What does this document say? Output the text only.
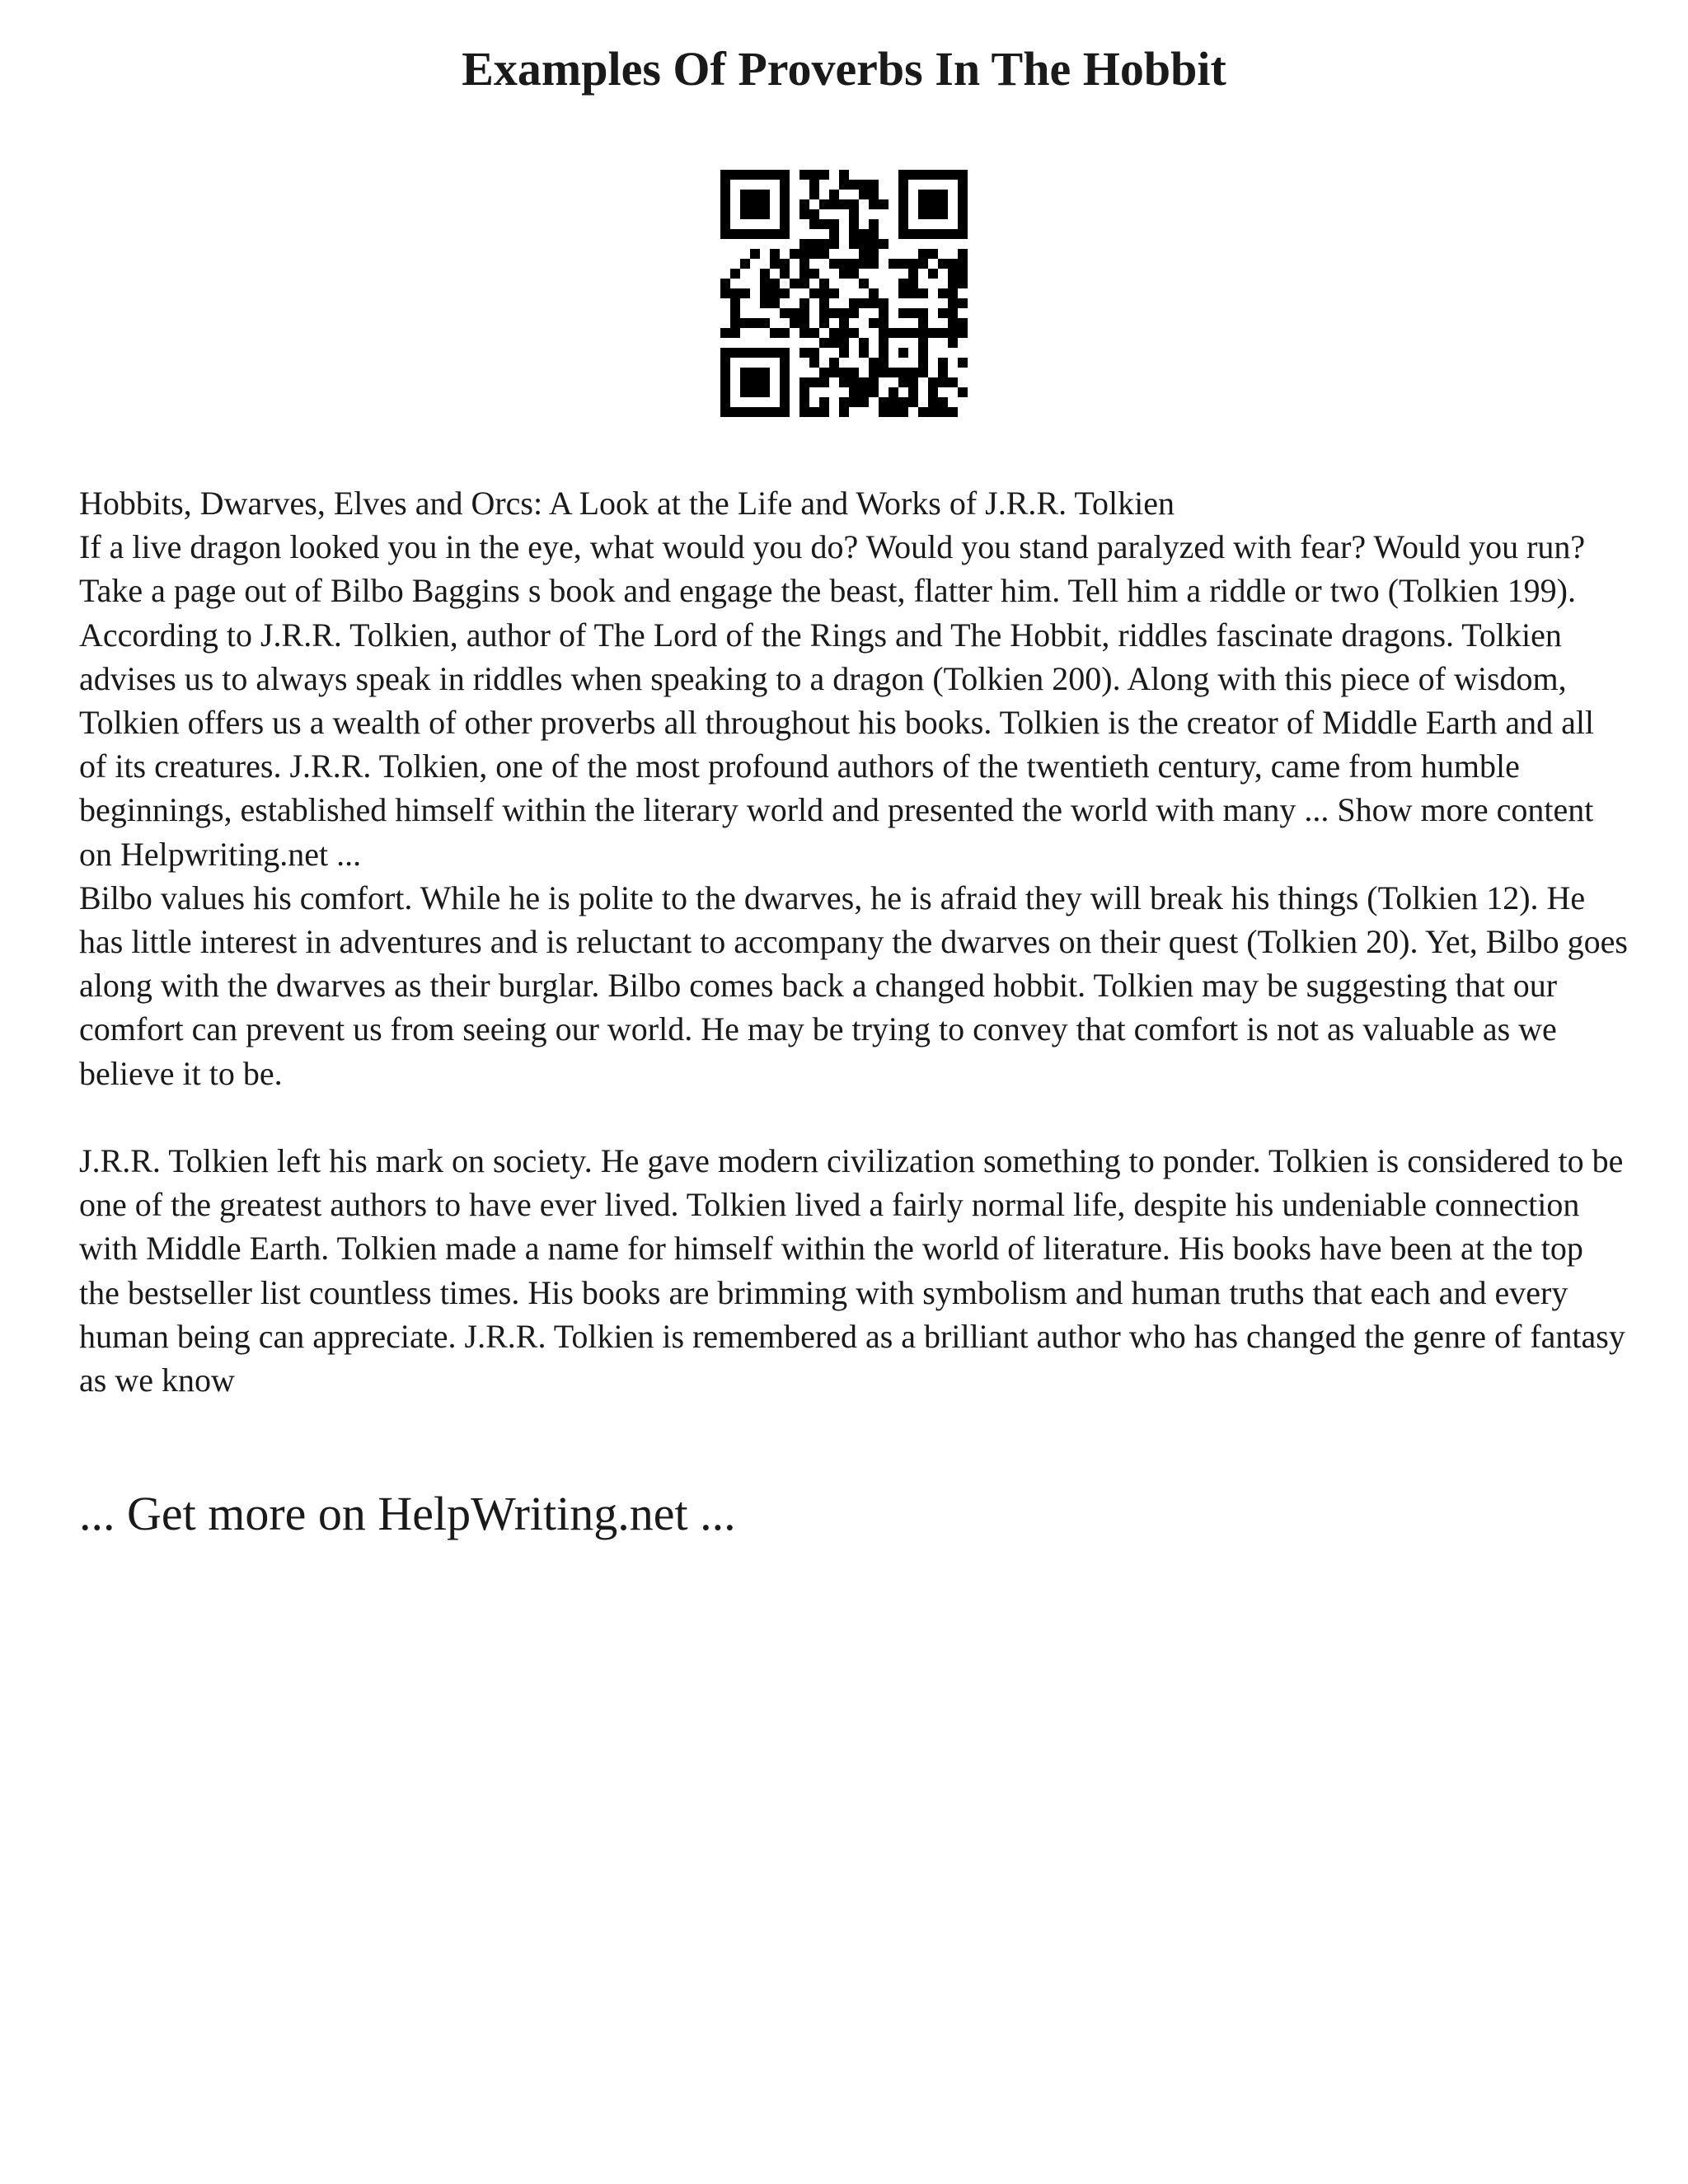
Examples Of Proverbs In The Hobbit

Hobbits, Dwarves, Elves and Orcs: A Look at the Life and Works of J.R.R. Tolkien

If a live dragon looked you in the eye, what would you do? Would you stand paralyzed with fear? Would you run? Take a page out of Bilbo Baggins s book and engage the beast, flatter him. Tell him a riddle or two (Tolkien 199). According to J.R.R. Tolkien, author of The Lord of the Rings and The Hobbit, riddles fascinate dragons. Tolkien advises us to always speak in riddles when speaking to a dragon (Tolkien 200). Along with this piece of wisdom, Tolkien offers us a wealth of other proverbs all throughout his books. Tolkien is the creator of Middle Earth and all of its creatures. J.R.R. Tolkien, one of the most profound authors of the twentieth century, came from humble beginnings, established himself within the literary world and presented the world with many ... Show more content on Helpwriting.net ...

Bilbo values his comfort. While he is polite to the dwarves, he is afraid they will break his things (Tolkien 12). He has little interest in adventures and is reluctant to accompany the dwarves on their quest (Tolkien 20). Yet, Bilbo goes along with the dwarves as their burglar. Bilbo comes back a changed hobbit. Tolkien may be suggesting that our comfort can prevent us from seeing our world. He may be trying to convey that comfort is not as valuable as we believe it to be.

J.R.R. Tolkien left his mark on society. He gave modern civilization something to ponder. Tolkien is considered to be one of the greatest authors to have ever lived. Tolkien lived a fairly normal life, despite his undeniable connection with Middle Earth. Tolkien made a name for himself within the world of literature. His books have been at the top the bestseller list countless times. His books are brimming with symbolism and human truths that each and every human being can appreciate. J.R.R. Tolkien is remembered as a brilliant author who has changed the genre of fantasy as we know

... Get more on HelpWriting.net ...
